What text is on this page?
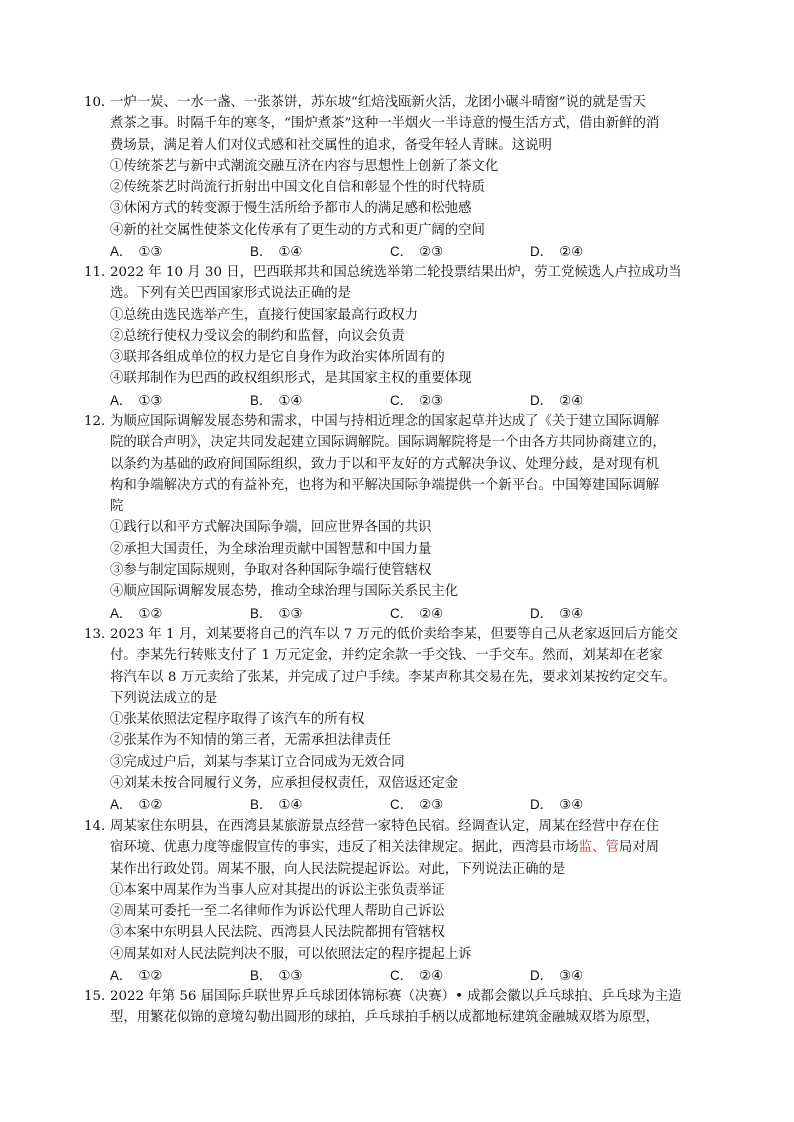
10．一炉一炭、一水一盏、一张茶饼，苏东坡“红焙浅瓯新火活，龙团小碾斗晴窗”说的就是雪天
煮茶之事。时隔千年的寒冬，“围炉煮茶”这种一半烟火一半诗意的慢生活方式，借由新鲜的消
费场景，满足着人们对仪式感和社交属性的追求，备受年轻人青睐。这说明
①传统茶艺与新中式潮流交融互济在内容与思想性上创新了茶文化
②传统茶艺时尚流行折射出中国文化自信和彰显个性的时代特质
③休闲方式的转变源于慢生活所给予都市人的满足感和松弛感
④新的社交属性使茶文化传承有了更生动的方式和更广阔的空间
A． ①③	B． ①④	C． ②③	D． ②④
11．2022 年 10 月 30 日，巴西联邦共和国总统选举第二轮投票结果出炉，劳工党候选人卢拉成功当
选。下列有关巴西国家形式说法正确的是
①总统由选民选举产生，直接行使国家最高行政权力
②总统行使权力受议会的制约和监督，向议会负责
③联邦各组成单位的权力是它自身作为政治实体所固有的
④联邦制作为巴西的政权组织形式，是其国家主权的重要体现
A． ①③	B． ①④	C． ②③	D． ②④
12．为顺应国际调解发展态势和需求，中国与持相近理念的国家起草并达成了《关于建立国际调解
院的联合声明》，决定共同发起建立国际调解院。国际调解院将是一个由各方共同协商建立的，
以条约为基础的政府间国际组织，致力于以和平友好的方式解决争议、处理分歧，是对现有机
构和争端解决方式的有益补充，也将为和平解决国际争端提供一个新平台。中国筹建国际调解
院
①践行以和平方式解决国际争端，回应世界各国的共识
②承担大国责任，为全球治理贡献中国智慧和中国力量
③参与制定国际规则，争取对各种国际争端行使管辖权
④顺应国际调解发展态势，推动全球治理与国际关系民主化
A． ①②	B． ①③	C． ②④	D． ③④
13．2023 年 1 月，刘某要将自己的汽车以 7 万元的低价卖给李某，但要等自己从老家返回后方能交
付。李某先行转账支付了 1 万元定金，并约定余款一手交钱、一手交车。然而，刘某却在老家
将汽车以 8 万元卖给了张某，并完成了过户手续。李某声称其交易在先，要求刘某按约定交车。
下列说法成立的是
①张某依照法定程序取得了该汽车的所有权
②张某作为不知情的第三者，无需承担法律责任
③完成过户后，刘某与李某订立合同成为无效合同
④刘某未按合同履行义务，应承担侵权责任，双倍返还定金
A． ①②	B． ①④	C． ②③	D． ③④
14．周某家住东明县，在西湾县某旅游景点经营一家特色民宿。经调查认定，周某在经营中存在住
宿环境、优惠力度等虚假宣传的事实，违反了相关法律规定。据此，西湾县市场监、管局对周
某作出行政处罚。周某不服，向人民法院提起诉讼。对此，下列说法正确的是
①本案中周某作为当事人应对其提出的诉讼主张负责举证
②周某可委托一至二名律师作为诉讼代理人帮助自己诉讼
③本案中东明县人民法院、西湾县人民法院都拥有管辖权
④周某如对人民法院判决不服，可以依照法定的程序提起上诉
A． ①②	B． ①③	C． ②④	D． ③④
15．2022 年第 56 届国际乒联世界乒乓球团体锦标赛（决赛）• 成都会徽以乒乓球拍、乒乓球为主造
型，用繁花似锦的意境勾勒出圆形的球拍，乒乓球拍手柄以成都地标建筑金融城双塔为原型，
